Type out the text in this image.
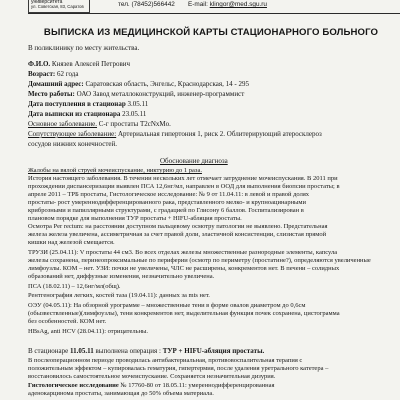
университета
ул. Советская, 83, Саратов	тел. (78452)566442 E-mail: klingor@med.sgu.ru
ВЫПИСКА ИЗ МЕДИЦИНСКОЙ КАРТЫ СТАЦИОНАРНОГО БОЛЬНОГО
В поликлинику по месту жительства.
Ф.И.О. Князев Алексей Петрович
Возраст: 62 года
Домашний адрес: Саратовская область, Энгельс, Краснодарская, 14 - 295
Место работы: ОАО Завод металлоконструкций, инженер-программист
Дата поступления в стационар 3.05.11
Дата выписки из стационара 23.05.11
Основное заболевание. С-г простаты T2cNxMo.
Сопутствующее заболевание: Артериальная гипертония 1, риск 2. Облитерирующий атеросклероз
сосудов нижних конечностей.
Обоснование диагноза
Жалобы на вялой струей мочеиспускание, никтурию до 1 раза.
История настоящего заболевания. В течении нескольких лет отмечает затруднение мочеиспускания. В 2011 при
прохождении диспансеризации выявлен ПСА 12,6нг/мл, направлен в ООД для выполнения биопсии простаты; в
апреле 2011 – ТРБ простаты, Гистологическое исследование: № 9 от 11.04.11: в левой и правой долях
простаты- рост умереннодифференцированного рака, представленного мелко- и крупноацинарными
криброзными и папиллярными структурами, с градацией по Глисону 6 баллов. Госпитализирован в
плановом порядке для выполнения ТУР простаты + HIFU-абляция простаты.
Осмотра Per rectum: на расстоянии доступном пальцевому осмотру патологии не выявлено. Предстательная
железа железа увеличена, ассиметричная за счет правой доли, эластичной консистенции, слизистая прямой
кишки над железой смещается.
ТРУЗИ (25.04.11): V простаты 44 см3. Во всех отделах железы множественные разнородные элементы, капсула
железы сохранена, перинеопроксимальные по периферии (осмотр по периметру (простатине?), определяются увеличенные
лимфоузлы. КОМ – нет. УЗИ: почки не увеличены, ЧЛС не расширены, конкрементов нет. В печени – солидных
образований нет, диффузные изменения, незначительно увеличена.
ПСА (18.02.11) – 12,6нг/мл(общ).
Рентгенография легких, костей таза (19.04.11): данных за mts нет.
ОЭУ (04.05.11): На обзорной урограмме – множественные тени в форме овалов диаметром до 0,6см
(обызвествленные)(лимфоузлы), тени конкрементов нет, выделительная функция почек сохранена, цистограмма
без особенностей. КОМ нет.
HBsAg, anti HCV (28.04.11): отрицательны.
В стационаре 11.05.11 выполнена операция : ТУР + HIFU-абляция простаты.
В послеоперационном периоде проводилась антибактериальная, противовоспалительная терапия с
положительным эффектом – купировалась гематурия, гипертермия, после удаления уретрального катетера –
восстановилось самостоятельное мочеиспускание. Сохраняется незначительная дизурия.
Гистологическое исследование № 17760-80 от 18.05.11: умереннодифференцированная
аденокарцинома простаты, занимающая до 50% объема материала.
